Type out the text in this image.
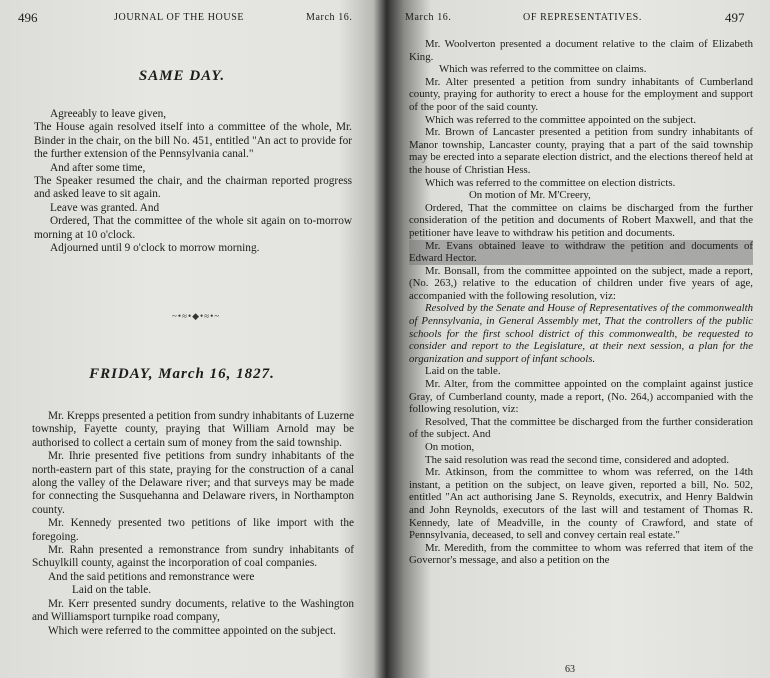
496	JOURNAL OF THE HOUSE	March 16.
SAME DAY.

Agreeably to leave given,

The House again resolved itself into a committee of the whole, Mr. Binder in the chair, on the bill No. 451, entitled "An act to provide for the further extension of the Pennsylvania canal."

And after some time,

The Speaker resumed the chair, and the chairman reported progress and asked leave to sit again.

Leave was granted. And

Ordered, That the committee of the whole sit again on to-morrow morning at 10 o'clock.

Adjourned until 9 o'clock to morrow morning.

~•≈•◆•≈•~
FRIDAY, March 16, 1827.

Mr. Krepps presented a petition from sundry inhabitants of Luzerne township, Fayette county, praying that William Arnold may be authorised to collect a certain sum of money from the said township.

Mr. Ihrie presented five petitions from sundry inhabitants of the north-eastern part of this state, praying for the construction of a canal along the valley of the Delaware river; and that surveys may be made for connecting the Susquehanna and Delaware rivers, in Northampton county.

Mr. Kennedy presented two petitions of like import with the foregoing.

Mr. Rahn presented a remonstrance from sundry inhabitants of Schuylkill county, against the incorporation of coal companies.

And the said petitions and remonstrance were

Laid on the table.

Mr. Kerr presented sundry documents, relative to the Washington and Williamsport turnpike road company,

Which were referred to the committee appointed on the subject.

March 16.	OF REPRESENTATIVES.	497

Mr. Woolverton presented a document relative to the claim of Elizabeth King.

Which was referred to the committee on claims.

Mr. Alter presented a petition from sundry inhabitants of Cumberland county, praying for authority to erect a house for the employment and support of the poor of the said county.

Which was referred to the committee appointed on the subject.

Mr. Brown of Lancaster presented a petition from sundry inhabitants of Manor township, Lancaster county, praying that a part of the said township may be erected into a separate election district, and the elections thereof held at the house of Christian Hess.

Which was referred to the committee on election districts.

On motion of Mr. M'Creery,

Ordered, That the committee on claims be discharged from the further consideration of the petition and documents of Robert Maxwell, and that the petitioner have leave to withdraw his petition and documents.

Mr. Evans obtained leave to withdraw the petition and documents of Edward Hector.

Mr. Bonsall, from the committee appointed on the subject, made a report, (No. 263,) relative to the education of children under five years of age, accompanied with the following resolution, viz:

Resolved by the Senate and House of Representatives of the commonwealth of Pennsylvania, in General Assembly met, That the controllers of the public schools for the first school district of this commonwealth, be requested to consider and report to the Legislature, at their next session, a plan for the organization and support of infant schools.

Laid on the table.

Mr. Alter, from the committee appointed on the complaint against justice Gray, of Cumberland county, made a report, (No. 264,) accompanied with the following resolution, viz:

Resolved, That the committee be discharged from the further consideration of the subject. And

On motion,

The said resolution was read the second time, considered and adopted.

Mr. Atkinson, from the committee to whom was referred, on the 14th instant, a petition on the subject, on leave given, reported a bill, No. 502, entitled "An act authorising Jane S. Reynolds, executrix, and Henry Baldwin and John Reynolds, executors of the last will and testament of Thomas R. Kennedy, late of Meadville, in the county of Crawford, and state of Pennsylvania, deceased, to sell and convey certain real estate."

Mr. Meredith, from the committee to whom was referred that item of the Governor's message, and also a petition on the

63
